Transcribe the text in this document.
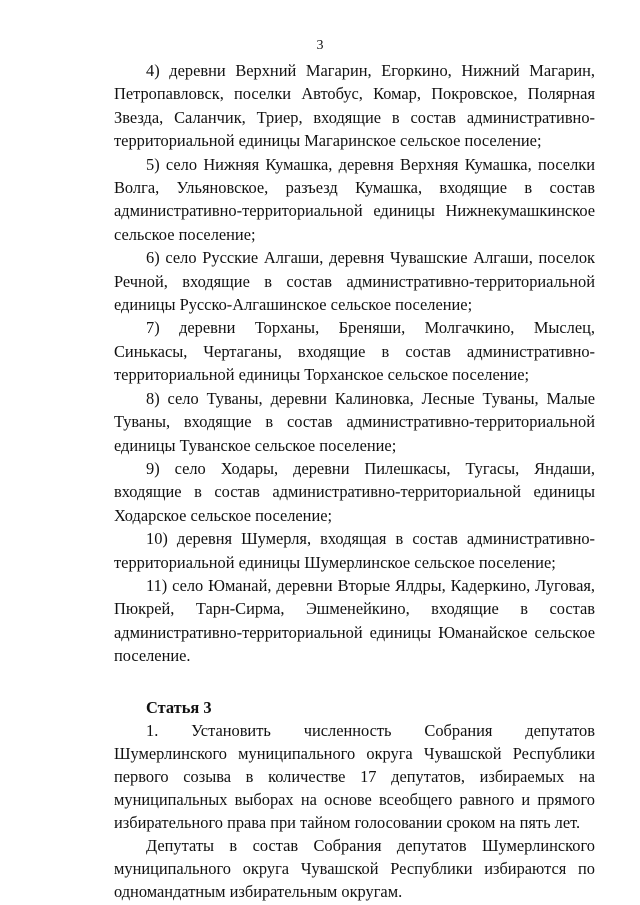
3

4) деревни Верхний Магарин, Егоркино, Нижний Магарин, Петропавловск, поселки Автобус, Комар, Покровское, Полярная Звезда, Саланчик, Триер, входящие в состав административно-территориальной единицы Магаринское сельское поселение;

5) село Нижняя Кумашка, деревня Верхняя Кумашка, поселки Волга, Ульяновское, разъезд Кумашка, входящие в состав административно-территориальной единицы Нижнекумашкинское сельское поселение;

6) село Русские Алгаши, деревня Чувашские Алгаши, поселок Речной, входящие в состав административно-территориальной единицы Русско-Алгашинское сельское поселение;

7) деревни Торханы, Бреняши, Молгачкино, Мыслец, Синькасы, Чертаганы, входящие в состав административно-территориальной единицы Торханское сельское поселение;

8) село Туваны, деревни Калиновка, Лесные Туваны, Малые Туваны, входящие в состав административно-территориальной единицы Туванское сельское поселение;

9) село Ходары, деревни Пилешкасы, Тугасы, Яндаши, входящие в состав административно-территориальной единицы Ходарское сельское поселение;

10) деревня Шумерля, входящая в состав административно-территориальной единицы Шумерлинское сельское поселение;

11) село Юманай, деревни Вторые Ялдры, Кадеркино, Луговая, Пюкрей, Тарн-Сирма, Эшменейкино, входящие в состав административно-территориальной единицы Юманайское сельское поселение.

Статья 3

1. Установить численность Собрания депутатов Шумерлинского муниципального округа Чувашской Республики первого созыва в количестве 17 депутатов, избираемых на муниципальных выборах на основе всеобщего равного и прямого избирательного права при тайном голосовании сроком на пять лет.

Депутаты в состав Собрания депутатов Шумерлинского муниципального округа Чувашской Республики избираются по одномандатным избирательным округам.
